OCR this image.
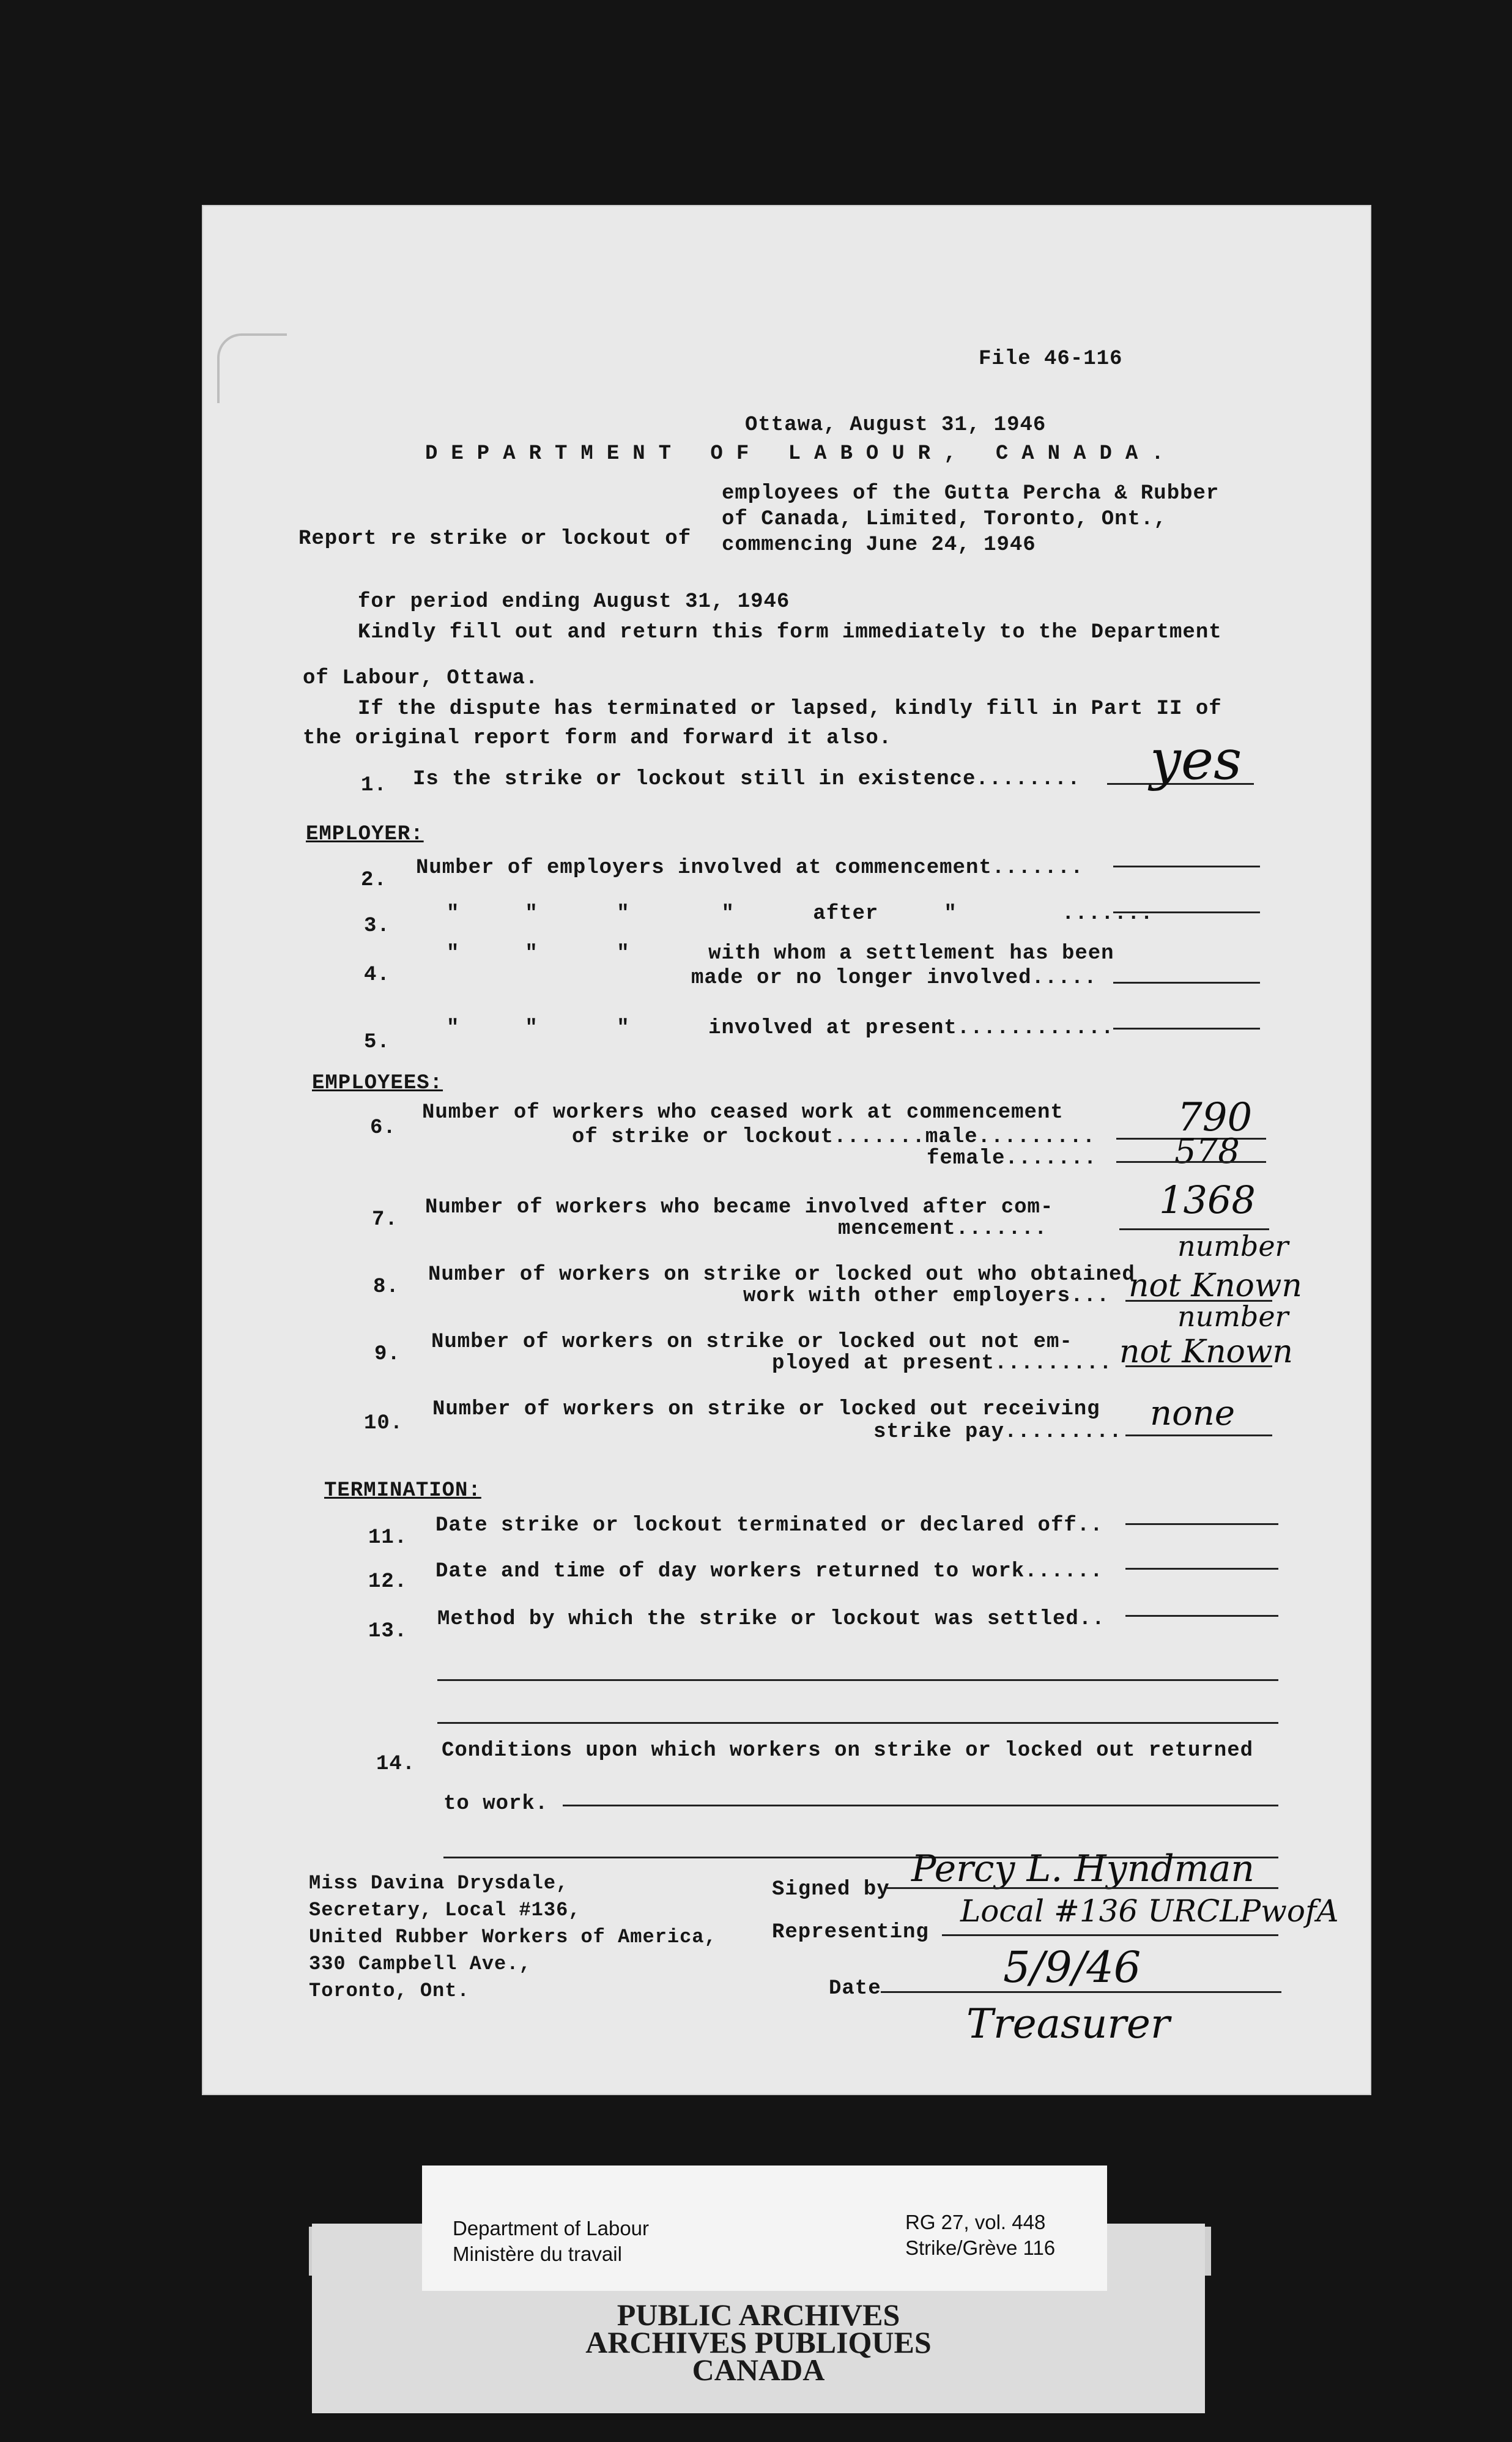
File 46-116
Ottawa, August 31, 1946
DEPARTMENT OF LABOUR, CANADA.
employees of the Gutta Percha & Rubber
of Canada, Limited, Toronto, Ont.,
Report re strike or lockout of commencing June 24, 1946
for period ending August 31, 1946
Kindly fill out and return this form immediately to the Department
of Labour, Ottawa.
If the dispute has terminated or lapsed, kindly fill in Part II of
the original report form and forward it also.
1. Is the strike or lockout still in existence........ yes
EMPLOYER:
2.
Number of employers involved at commencement.......
3.
"     "      "       "      after     "        .......
4.
"     "      "      with whom a settlement has been
made or no longer involved.....
5.
"     "      "      involved at present............
EMPLOYEES:
6.
Number of workers who ceased work at commencement
of strike or lockout.......male.........
female.......
790
578
7.
Number of workers who became involved after com-
mencement.......
1368
8.
Number of workers on strike or locked out who obtained
work with other employers...
number
not Known
9.
Number of workers on strike or locked out not em-
ployed at present.........
number
not Known
10.
Number of workers on strike or locked out receiving
strike pay......... none
TERMINATION:
11.
Date strike or lockout terminated or declared off..
12. Date and time of day workers returned to work......
13.
Method by which the strike or lockout was settled..
14.
Conditions upon which workers on strike or locked out returned
to work.
Miss Davina Drysdale,
Secretary, Local #136,
United Rubber Workers of America,
330 Campbell Ave.,
Toronto, Ont.
Signed by Percy L. Hyndman
Representing
Local #136 URCLPwofA
Date	5/9/46
Treasurer
PUBLIC ARCHIVES
ARCHIVES PUBLIQUES
CANADA
Department of Labour
Ministère du travail
RG 27, vol. 448
Strike/Grève 116
